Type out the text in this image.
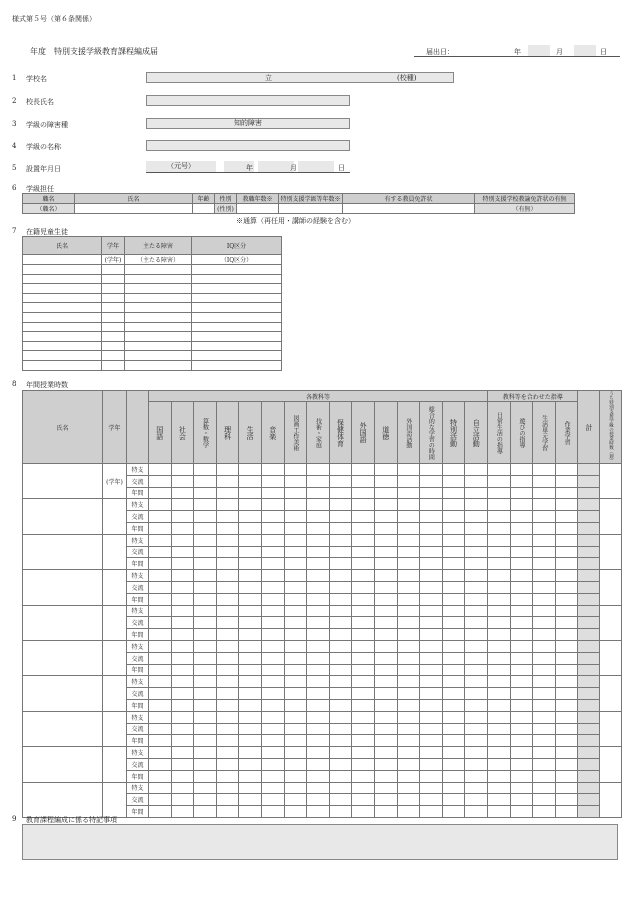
様式第５号（第６条関係）
年度　特別支援学級教育課程編成届	届出日：	年	月	日
1 学校名	立	(校種)
2 校長氏名
3 学級の障害種	知的障害
4 学級の名称
5 設置年月日	（元号）	年	月	日
6 学級担任
職名	氏名	年齢	性別	教職年数※	特別支援学級等年数※	有する教員免許状	特別支援学校教諭免許状の有無
（職名）			(性別)				（有無）
※通算（再任用・講師の経験を含む）
7 在籍児童生徒
氏名	学年	主たる障害	IQ区分
	(学年)	（主たる障害）	（IQ区分）

8 年間授業時数
氏名	学年		各教科等															教科等を合わせた指導				計	うち特別支援学級の授業時数（週）

			国語	社会	算数・数学	理科	生活	音楽	図画工作美術	技術・家庭	保健体育	外国語	道徳	外国語活動	総合的な学習の時間	特別活動	自立活動	日常生活の指導	遊びの指導	生活単元学習	作業学習		

	(学年)	特支																					
		交流																					
		年間																					
		特支																					
		交流																					
		年間																					
		特支																					
		交流																					
		年間																					
		特支																					
		交流																					
		年間																					
		特支																					
		交流																					
		年間																					
		特支																					
		交流																					
		年間																					
		特支																					
		交流																					
		年間																					
		特支																					
		交流																					
		年間																					
		特支																					
		交流																					
		年間																					
		特支																					
		交流																					
		年間																					
9 教育課程編成に係る特記事項
